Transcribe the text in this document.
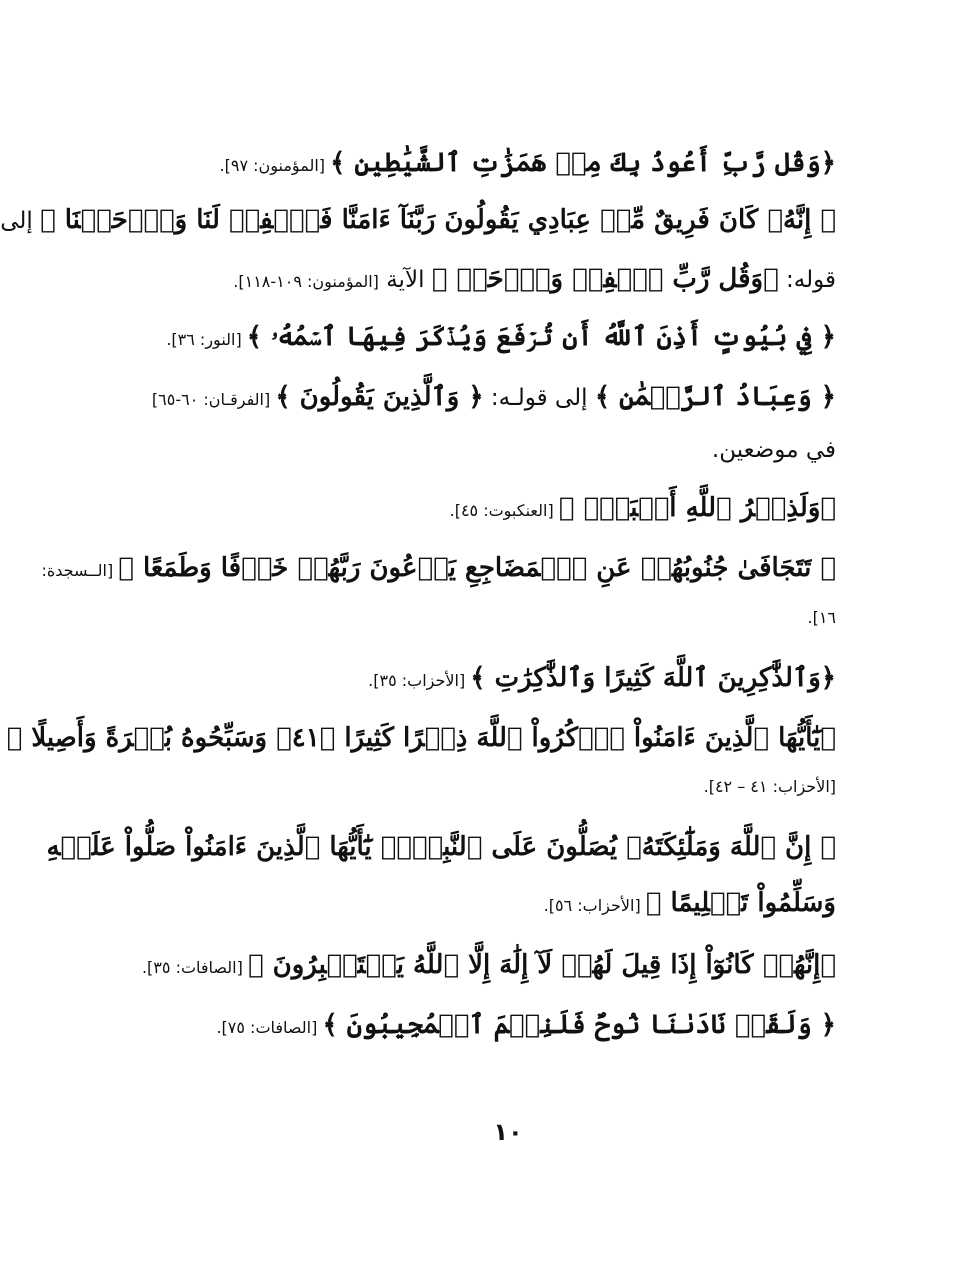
﴿وَقُل رَّبِّ أَعُوذُ بِكَ مِنۡ هَمَزَٰتِ ٱلشَّيَٰطِينِ ﴾ [المؤمنون: ٩٧].
﴿ إِنَّهُۥ كَانَ فَرِيقٌ مِّنۡ عِبَادِي يَقُولُونَ رَبَّنَآ ءَامَنَّا فَٱغۡفِرۡ لَنَا وَٱرۡحَمۡنَا ﴾ إلى
قوله: ﴿وَقُل رَّبِّ ٱغۡفِرۡ وَٱرۡحَمۡ ﴾ الآية [المؤمنون: ١٠٩-١١٨].
﴿ فِي بُيُوتٍ أَذِنَ ٱللَّهُ أَن تُرۡفَعَ وَيُذۡكَرَ فِيهَا ٱسۡمُهُۥ ﴾ [النور: ٣٦].
﴿ وَعِبَادُ ٱلرَّحۡمَٰنِ ﴾ إلى قولـه: ﴿ وَٱلَّذِينَ يَقُولُونَ ﴾ [الفرقـان: ٦٠-٦٥]
في موضعين.
﴿وَلَذِكۡرُ ٱللَّهِ أَكۡبَرُۗ ﴾ [العنكبوت: ٤٥].
﴿ تَتَجَافَىٰ جُنُوبُهُمۡ عَنِ ٱلۡمَضَاجِعِ يَدۡعُونَ رَبَّهُمۡ خَوۡفًا وَطَمَعًا ﴾ [الــسجدة:
١٦].
﴿وَٱلذَّٰكِرِينَ ٱللَّهَ كَثِيرًا وَٱلذَّٰكِرَٰتِ ﴾ [الأحزاب: ٣٥].
﴿يَٰٓأَيُّهَا ٱلَّذِينَ ءَامَنُواْ ٱذۡكُرُواْ ٱللَّهَ ذِكۡرًا كَثِيرًا ﴿٤١﴾ وَسَبِّحُوهُ بُكۡرَةً وَأَصِيلًا ﴾
[الأحزاب: ٤١ – ٤٢].
﴿ إِنَّ ٱللَّهَ وَمَلَٰٓئِكَتَهُۥ يُصَلُّونَ عَلَى ٱلنَّبِيِّۚ يَٰٓأَيُّهَا ٱلَّذِينَ ءَامَنُواْ صَلُّواْ عَلَيۡهِ
وَسَلِّمُواْ تَسۡلِيمًا ﴾ [الأحزاب: ٥٦].
﴿إِنَّهُمۡ كَانُوٓاْ إِذَا قِيلَ لَهُمۡ لَآ إِلَٰهَ إِلَّا ٱللَّهُ يَسۡتَكۡبِرُونَ ﴾ [الصافات: ٣٥].
﴿ وَلَقَدۡ نَادَىٰنَا نُوحٌ فَلَنِعۡمَ ٱلۡمُجِيبُونَ ﴾ [الصافات: ٧٥].
١٠
